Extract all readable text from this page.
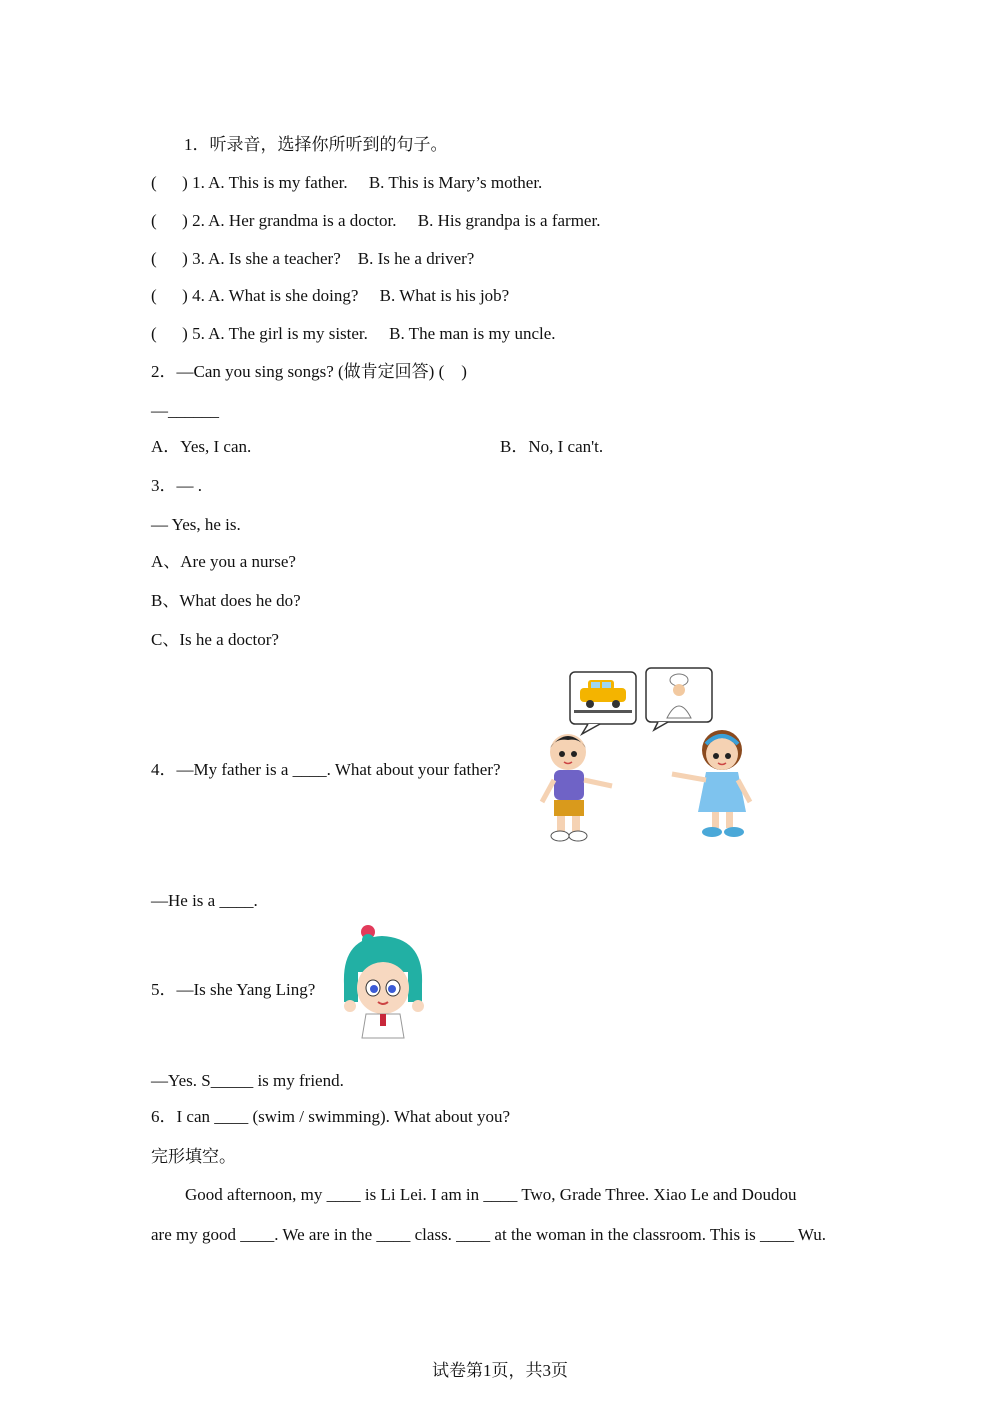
1．听录音，选择你所听到的句子。
(      ) 1. A. This is my father.     B. This is Mary’s mother.
(      ) 2. A. Her grandma is a doctor.     B. His grandpa is a farmer.
(      ) 3. A. Is she a teacher?    B. Is he a driver?
(      ) 4. A. What is she doing?     B. What is his job?
(      ) 5. A. The girl is my sister.     B. The man is my uncle.
2．—Can you sing songs? (做肯定回答) (    )
—______
A．Yes, I can.	B．No, I can't.
3．— .
— Yes, he is.
A、Are you a nurse?
B、What does he do?
C、Is he a doctor?
4．—My father is a ____. What about your father?
—He is a ____.
5．—Is she Yang Ling?
—Yes. S_____ is my friend.
6．I can ____ (swim / swimming). What about you?
完形填空。
Good afternoon, my ____ is Li Lei. I am in ____ Two, Grade Three. Xiao Le and Doudou
are my good ____. We are in the ____ class. ____ at the woman in the classroom. This is ____ Wu.
试卷第1页，共3页
